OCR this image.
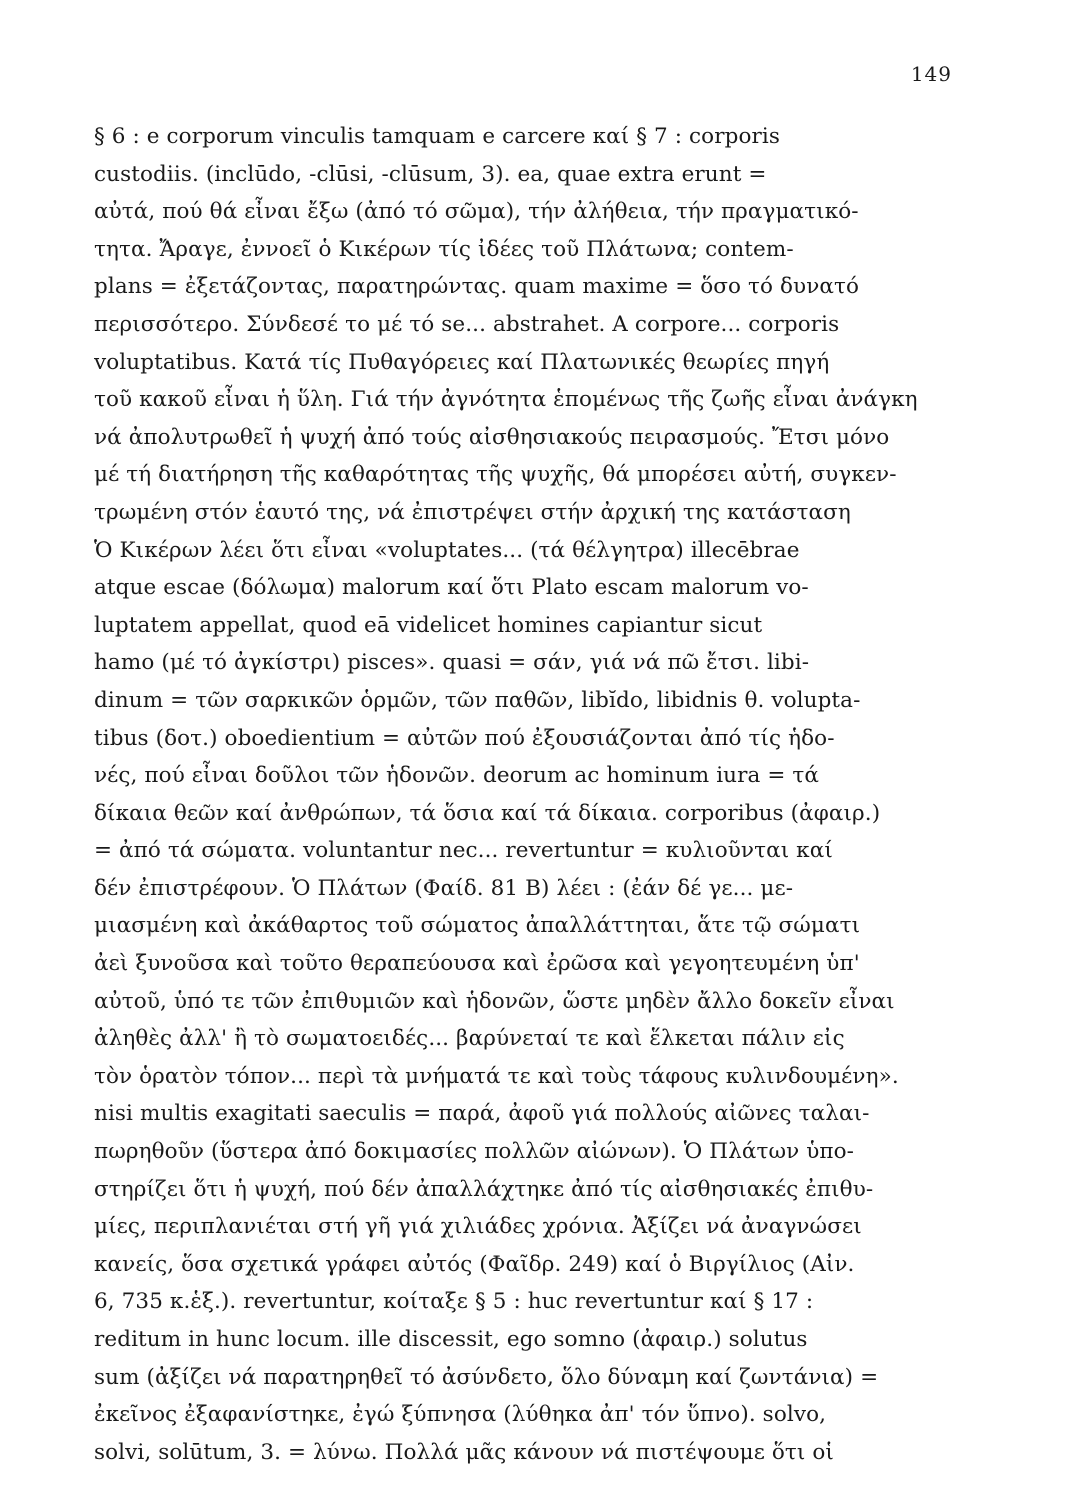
149
§ 6 : e corporum vinculis tamquam e carcere καί § 7 : corporis
custodiis. (inclūdo, -clūsi, -clūsum, 3). ea, quae extra erunt =
αὐτά, πού θά εἶναι ἔξω (ἀπό τό σῶμα), τήν ἀλήθεια, τήν πραγματικό-
τητα. Ἄραγε, ἐννοεῖ ὁ Κικέρων τίς ἰδέες τοῦ Πλάτωνα; contem-
plans = ἐξετάζοντας, παρατηρώντας. quam maxime = ὅσο τό δυνατό
περισσότερο. Σύνδεσέ το μέ τό se... abstrahet. A corpore... corporis
voluptatibus. Κατά τίς Πυθαγόρειες καί Πλατωνικές θεωρίες πηγή
τοῦ κακοῦ εἶναι ἡ ὕλη. Γιά τήν ἀγνότητα ἑπομένως τῆς ζωῆς εἶναι ἀνάγκη
νά ἀπολυτρωθεῖ ἡ ψυχή ἀπό τούς αἰσθησιακούς πειρασμούς. Ἔτσι μόνο
μέ τή διατήρηση τῆς καθαρότητας τῆς ψυχῆς, θά μπορέσει αὐτή, συγκεν-
τρωμένη στόν ἑαυτό της, νά ἐπιστρέψει στήν ἀρχική της κατάσταση
Ὁ Κικέρων λέει ὅτι εἶναι «voluptates... (τά θέλγητρα) illecēbrae
atque escae (δόλωμα) malorum καί ὅτι Plato escam malorum vo-
luptatem appellat, quod eā videlicet homines capiantur sicut
hamo (μέ τό ἀγκίστρι) pisces». quasi = σάν, γιά νά πῶ ἔτσι. libi-
dinum = τῶν σαρκικῶν ὁρμῶν, τῶν παθῶν, libĭdo, libidnis θ. volupta-
tibus (δοτ.) oboedientium = αὐτῶν πού ἐξουσιάζονται ἀπό τίς ἡδο-
νές, πού εἶναι δοῦλοι τῶν ἡδονῶν. deorum ac hominum iura = τά
δίκαια θεῶν καί ἀνθρώπων, τά ὅσια καί τά δίκαια. corporibus (ἀφαιρ.)
= ἀπό τά σώματα. voluntantur nec... revertuntur = κυλιοῦνται καί
δέν ἐπιστρέφουν. Ὁ Πλάτων (Φαίδ. 81 B) λέει : (ἐάν δέ γε... με-
μιασμένη καὶ ἀκάθαρτος τοῦ σώματος ἀπαλλάττηται, ἅτε τῷ σώματι
ἀεὶ ξυνοῦσα καὶ τοῦτο θεραπεύουσα καὶ ἐρῶσα καὶ γεγοητευμένη ὑπ'
αὐτοῦ, ὑπό τε τῶν ἐπιθυμιῶν καὶ ἡδονῶν, ὥστε μηδὲν ἄλλο δοκεῖν εἶναι
ἀληθὲς ἀλλ' ἢ τὸ σωματοειδές... βαρύνεταί τε καὶ ἕλκεται πάλιν εἰς
τὸν ὁρατὸν τόπον... περὶ τὰ μνήματά τε καὶ τοὺς τάφους κυλινδουμένη».
nisi multis exagitati saeculis = παρά, ἀφοῦ γιά πολλούς αἰῶνες ταλαι-
πωρηθοῦν (ὕστερα ἀπό δοκιμασίες πολλῶν αἰώνων). Ὁ Πλάτων ὑπο-
στηρίζει ὅτι ἡ ψυχή, πού δέν ἀπαλλάχτηκε ἀπό τίς αἰσθησιακές ἐπιθυ-
μίες, περιπλανιέται στή γῆ γιά χιλιάδες χρόνια. Ἀξίζει νά ἀναγνώσει
κανείς, ὅσα σχετικά γράφει αὐτός (Φαῖδρ. 249) καί ὁ Βιργίλιος (Αἰν.
6, 735 κ.ἑξ.). revertuntur, κοίταξε § 5 : huc revertuntur καί § 17 :
reditum in hunc locum. ille discessit, ego somno (ἀφαιρ.) solutus
sum (ἀξίζει νά παρατηρηθεῖ τό ἀσύνδετο, ὅλο δύναμη καί ζωντάνια) =
ἐκεῖνος ἐξαφανίστηκε, ἐγώ ξύπνησα (λύθηκα ἀπ' τόν ὕπνο). solvo,
solvi, solūtum, 3. = λύνω. Πολλά μᾶς κάνουν νά πιστέψουμε ὅτι οἱ
